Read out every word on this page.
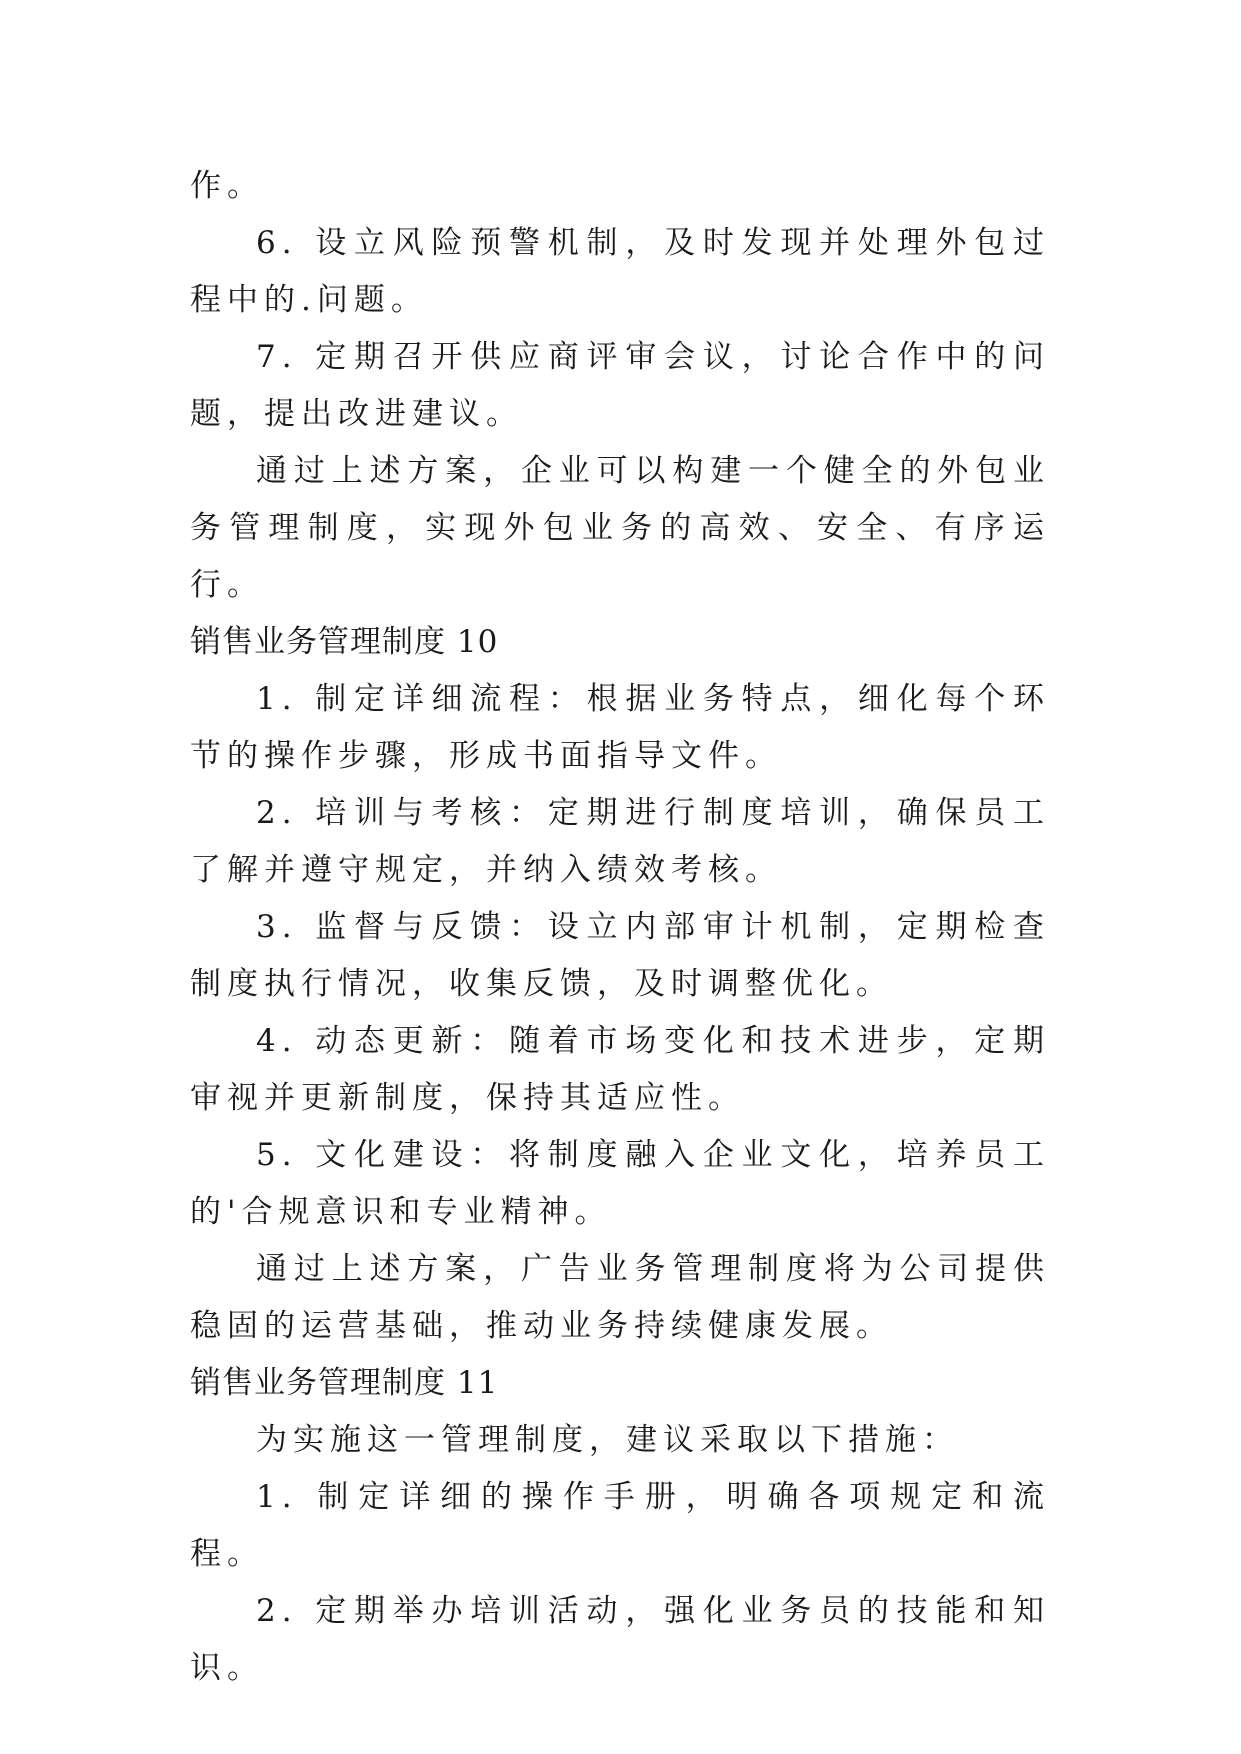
作。

6. 设立风险预警机制，及时发现并处理外包过程中的.问题。

7. 定期召开供应商评审会议，讨论合作中的问题，提出改进建议。

通过上述方案，企业可以构建一个健全的外包业务管理制度，实现外包业务的高效、安全、有序运行。

销售业务管理制度 10

1. 制定详细流程：根据业务特点，细化每个环节的操作步骤，形成书面指导文件。

2. 培训与考核：定期进行制度培训，确保员工了解并遵守规定，并纳入绩效考核。

3. 监督与反馈：设立内部审计机制，定期检查制度执行情况，收集反馈，及时调整优化。

4. 动态更新：随着市场变化和技术进步，定期审视并更新制度，保持其适应性。

5. 文化建设：将制度融入企业文化，培养员工的'合规意识和专业精神。

通过上述方案，广告业务管理制度将为公司提供稳固的运营基础，推动业务持续健康发展。

销售业务管理制度 11

为实施这一管理制度，建议采取以下措施：

1. 制定详细的操作手册，明确各项规定和流程。

2. 定期举办培训活动，强化业务员的技能和知识。
